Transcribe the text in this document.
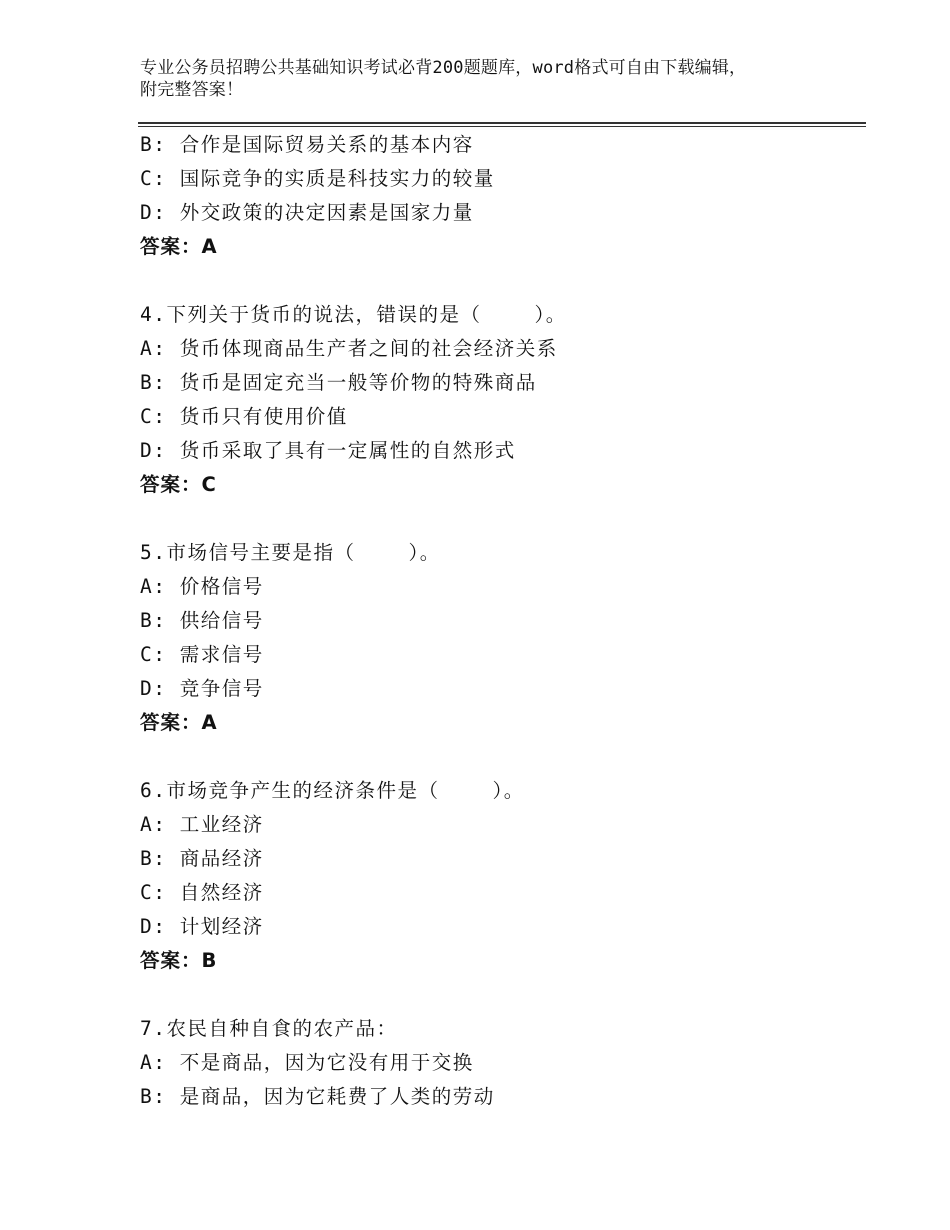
专业公务员招聘公共基础知识考试必背200题题库，word格式可自由下载编辑，
附完整答案！
B: 合作是国际贸易关系的基本内容
C: 国际竞争的实质是科技实力的较量
D: 外交政策的决定因素是国家力量
答案：A
4.下列关于货币的说法，错误的是（    ）。
A: 货币体现商品生产者之间的社会经济关系
B: 货币是固定充当一般等价物的特殊商品
C: 货币只有使用价值
D: 货币采取了具有一定属性的自然形式
答案：C
5.市场信号主要是指（    ）。
A: 价格信号
B: 供给信号
C: 需求信号
D: 竞争信号
答案：A
6.市场竞争产生的经济条件是（    ）。
A: 工业经济
B: 商品经济
C: 自然经济
D: 计划经济
答案：B
7.农民自种自食的农产品：
A: 不是商品，因为它没有用于交换
B: 是商品，因为它耗费了人类的劳动
